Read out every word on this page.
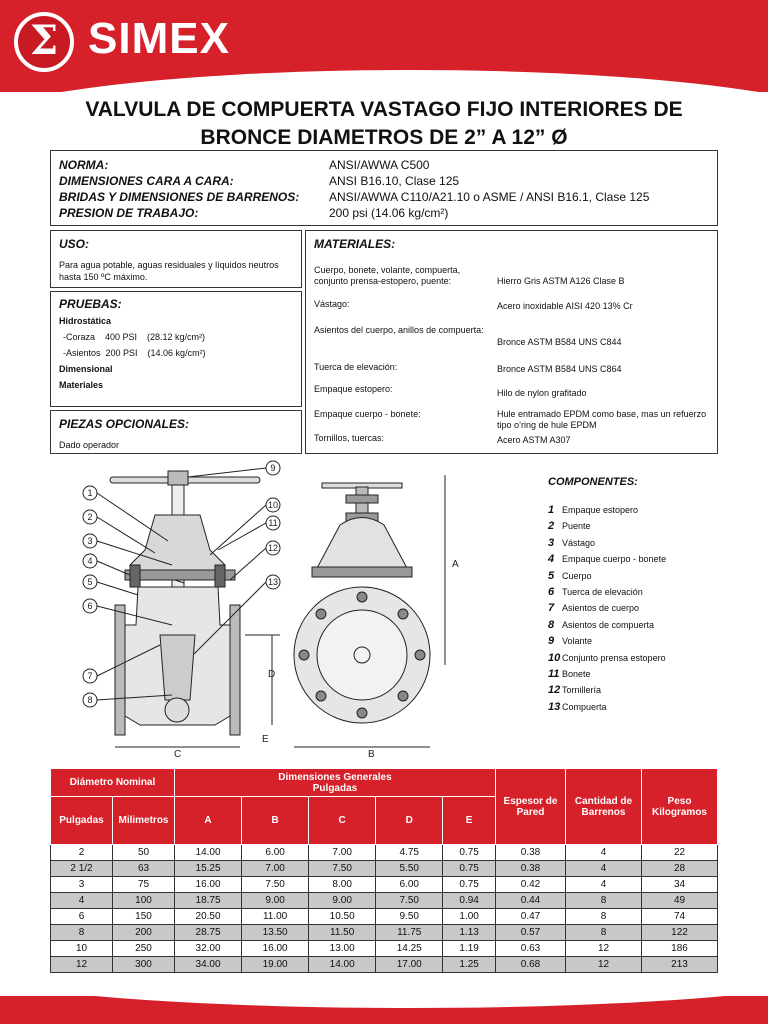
Σ SIMEX
VALVULA DE COMPUERTA VASTAGO FIJO INTERIORES DE
BRONCE DIAMETROS DE 2” A 12” Ø
NORMA:	ANSI/AWWA C500
DIMENSIONES CARA A CARA:	ANSI B16.10, Clase 125
BRIDAS Y DIMENSIONES DE BARRENOS:	ANSI/AWWA C110/A21.10 o ASME / ANSI B16.1, Clase 125
PRESION DE TRABAJO:	200 psi (14.06 kg/cm²)
USO:
Para agua potable, aguas residuales y líquidos neutros hasta 150 ºC máximo.
PRUEBAS:
Hidrostática
-Coraza    400 PSI    (28.12 kg/cm²)
-Asientos  200 PSI    (14.06 kg/cm²)
Dimensional
Materiales
PIEZAS OPCIONALES:
Dado operador
MATERIALES:
Cuerpo, bonete, volante, compuerta, conjunto prensa-estopero, puente:	Hierro Gris ASTM A126 Clase B
Vástago:	Acero inoxidable AISI 420 13% Cr
Asientos del cuerpo, anillos de compuerta:
Bronce ASTM B584 UNS C844
Tuerca de elevación:	Bronce ASTM B584 UNS C864
Empaque estopero:	Hilo de nylon grafitado
Empaque cuerpo - bonete:	Hule entramado EPDM como base, mas un refuerzo tipo o’ring de hule EPDM
Tornillos, tuercas:	Acero ASTM A307
1
2
3
4
5
6
7
8
9
10
11
12
13
A
B
C
D
E
COMPONENTES:
1 Empaque estopero
2 Puente
3 Vástago
4 Empaque cuerpo - bonete
5 Cuerpo
6 Tuerca de elevación
7 Asientos de cuerpo
8 Asientos de compuerta
9 Volante
10 Conjunto prensa estopero
11 Bonete
12 Tornillería
13 Compuerta
Diámetro Nominal		Dimensiones Generales
Pulgadas					Espesor de Pared	Cantidad de Barrenos	Peso Kilogramos
Pulgadas	Milimetros	A	B	C	D	E			
2	50	14.00	6.00	7.00	4.75	0.75	0.38	4	22
2 1/2	63	15.25	7.00	7.50	5.50	0.75	0.38	4	28
3	75	16.00	7.50	8.00	6.00	0.75	0.42	4	34
4	100	18.75	9.00	9.00	7.50	0.94	0.44	8	49
6	150	20.50	11.00	10.50	9.50	1.00	0.47	8	74
8	200	28.75	13.50	11.50	11.75	1.13	0.57	8	122
10	250	32.00	16.00	13.00	14.25	1.19	0.63	12	186
12	300	34.00	19.00	14.00	17.00	1.25	0.68	12	213
